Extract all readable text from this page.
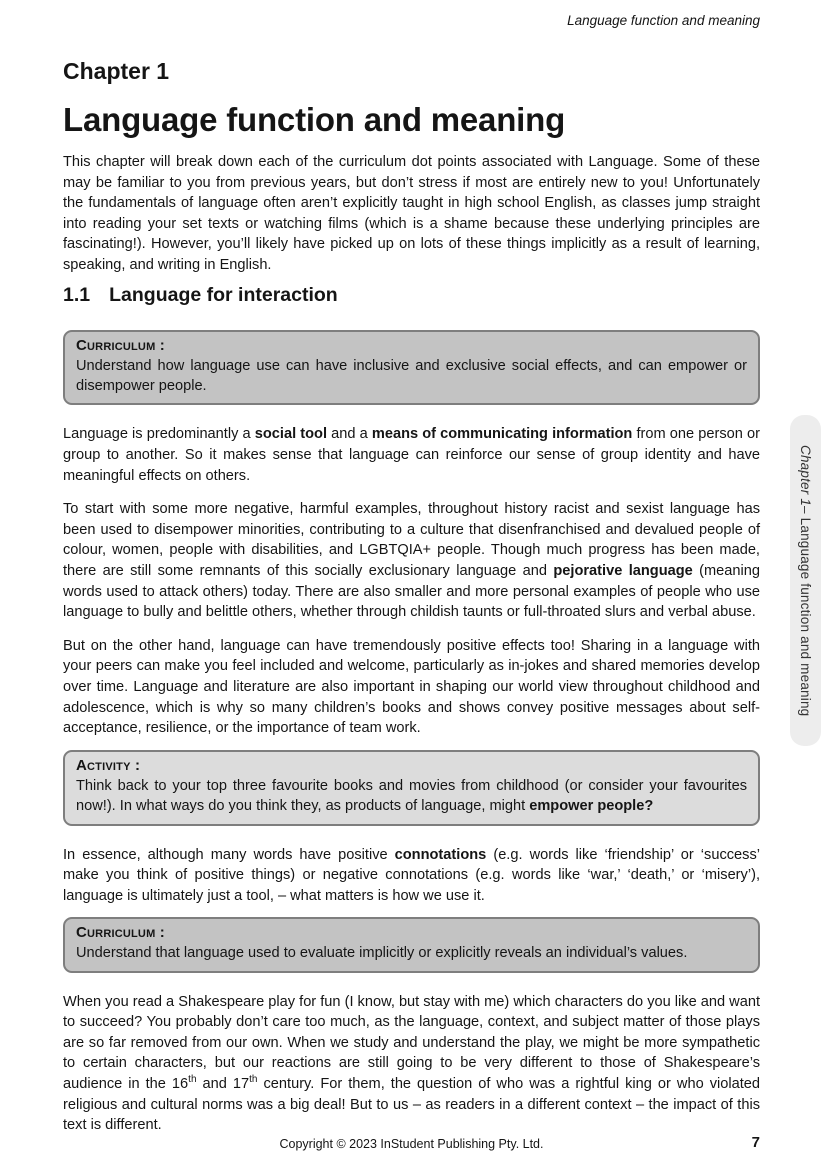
Language function and meaning
Chapter 1
Language function and meaning

This chapter will break down each of the curriculum dot points associated with Language. Some of these may be familiar to you from previous years, but don’t stress if most are entirely new to you! Unfortunately the fundamentals of language often aren’t explicitly taught in high school English, as classes jump straight into reading your set texts or watching films (which is a shame because these underlying principles are fascinating!). However, you’ll likely have picked up on lots of these things implicitly as a result of learning, speaking, and writing in English.

1.1 Language for interaction
Curriculum :

Understand how language use can have inclusive and exclusive social effects, and can empower or disempower people.

Language is predominantly a social tool and a means of communicating information from one person or group to another. So it makes sense that language can reinforce our sense of group identity and have meaningful effects on others.

To start with some more negative, harmful examples, throughout history racist and sexist language has been used to disempower minorities, contributing to a culture that disenfranchised and devalued people of colour, women, people with disabilities, and LGBTQIA+ people. Though much progress has been made, there are still some remnants of this socially exclusionary language and pejorative language (meaning words used to attack others) today. There are also smaller and more personal examples of people who use language to bully and belittle others, whether through childish taunts or full-throated slurs and verbal abuse.

But on the other hand, language can have tremendously positive effects too! Sharing in a language with your peers can make you feel included and welcome, particularly as in-jokes and shared memories develop over time. Language and literature are also important in shaping our world view throughout childhood and adolescence, which is why so many children’s books and shows convey positive messages about self-acceptance, resilience, or the importance of team work.

Activity :

Think back to your top three favourite books and movies from childhood (or consider your favourites now!). In what ways do you think they, as products of language, might empower people?

In essence, although many words have positive connotations (e.g. words like ‘friendship’ or ‘success’ make you think of positive things) or negative connotations (e.g. words like ‘war,’ ‘death,’ or ‘misery’), language is ultimately just a tool, – what matters is how we use it.

Curriculum :

Understand that language used to evaluate implicitly or explicitly reveals an individual’s values.

When you read a Shakespeare play for fun (I know, but stay with me) which characters do you like and want to succeed? You probably don’t care too much, as the language, context, and subject matter of those plays are so far removed from our own. When we study and understand the play, we might be more sympathetic to certain characters, but our reactions are still going to be very different to those of Shakespeare’s audience in the 16th and 17th century. For them, the question of who was a rightful king or who violated religious and cultural norms was a big deal! But to us – as readers in a different context – the impact of this text is different.

Chapter 1
– Language function and meaning
Copyright © 2023 InStudent Publishing Pty. Ltd.	7
